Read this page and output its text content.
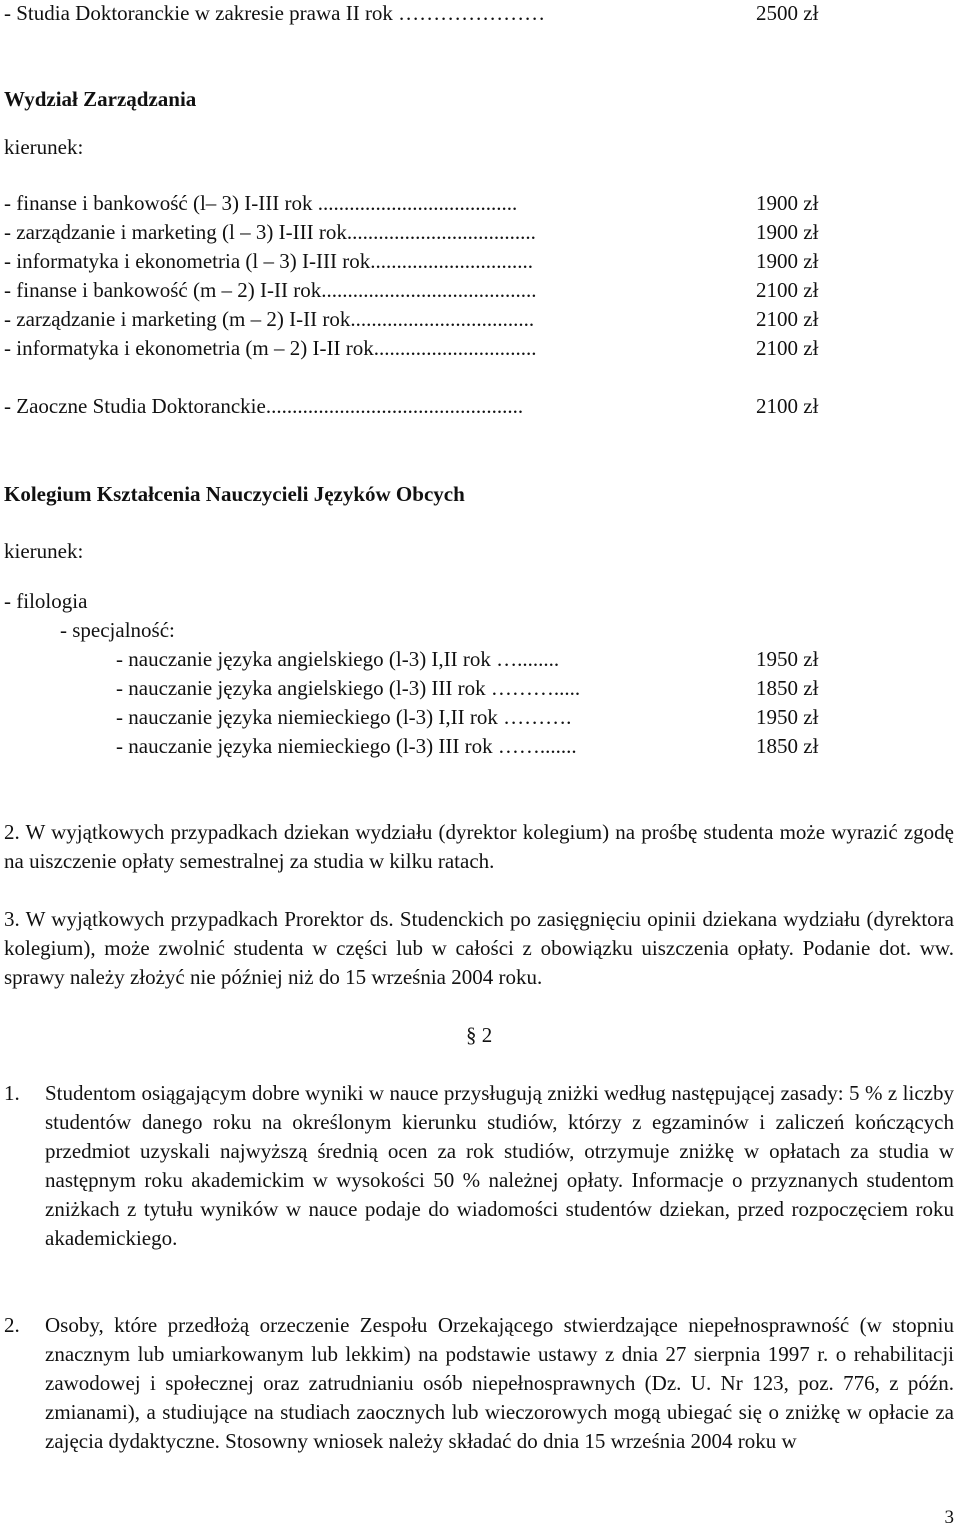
- Studia Doktoranckie w zakresie prawa II rok …………………	2500 zł
Wydział Zarządzania
kierunek:
- finanse i bankowość (l– 3) I-III rok ......................................	1900 zł
- zarządzanie i marketing (l – 3) I-III rok....................................	1900 zł
- informatyka i ekonometria (l – 3) I-III rok...............................	1900 zł
- finanse i bankowość (m – 2) I-II rok.........................................	2100 zł
- zarządzanie i marketing (m – 2) I-II rok...................................	2100 zł
- informatyka i ekonometria (m – 2) I-II rok...............................	2100 zł
- Zaoczne Studia Doktoranckie.................................................	2100 zł
Kolegium Kształcenia Nauczycieli Języków Obcych
kierunek:
- filologia
- specjalność:
- nauczanie języka angielskiego (l-3) I,II rok …........	1950 zł
- nauczanie języka angielskiego (l-3) III rok ……….....	1850 zł
- nauczanie języka niemieckiego (l-3) I,II rok ……….	1950 zł
- nauczanie języka niemieckiego (l-3) III rok …….......	1850 zł
2. W wyjątkowych przypadkach dziekan wydziału (dyrektor kolegium) na prośbę studenta może wyrazić zgodę na uiszczenie opłaty semestralnej za studia w kilku ratach.
3. W wyjątkowych przypadkach Prorektor ds. Studenckich po zasięgnięciu opinii dziekana wydziału (dyrektora kolegium), może zwolnić studenta w części lub w całości z obowiązku uiszczenia opłaty. Podanie dot. ww. sprawy należy złożyć nie później niż do 15 września 2004 roku.
§ 2
1. Studentom osiągającym dobre wyniki w nauce przysługują zniżki według następującej zasady: 5 % z liczby studentów danego roku na określonym kierunku studiów, którzy z egzaminów i zaliczeń kończących przedmiot uzyskali najwyższą średnią ocen za rok studiów, otrzymuje zniżkę w opłatach za studia w następnym roku akademickim w wysokości 50 % należnej opłaty. Informacje o przyznanych studentom zniżkach z tytułu wyników w nauce podaje do wiadomości studentów dziekan, przed rozpoczęciem roku akademickiego.
2. Osoby, które przedłożą orzeczenie Zespołu Orzekającego stwierdzające niepełnosprawność (w stopniu znacznym lub umiarkowanym lub lekkim) na podstawie ustawy z dnia 27 sierpnia 1997 r. o rehabilitacji zawodowej i społecznej oraz zatrudnianiu osób niepełnosprawnych (Dz. U. Nr 123, poz. 776, z późn. zmianami), a studiujące na studiach zaocznych lub wieczorowych mogą ubiegać się o zniżkę w opłacie za zajęcia dydaktyczne. Stosowny wniosek należy składać do dnia 15 września 2004 roku w
3
